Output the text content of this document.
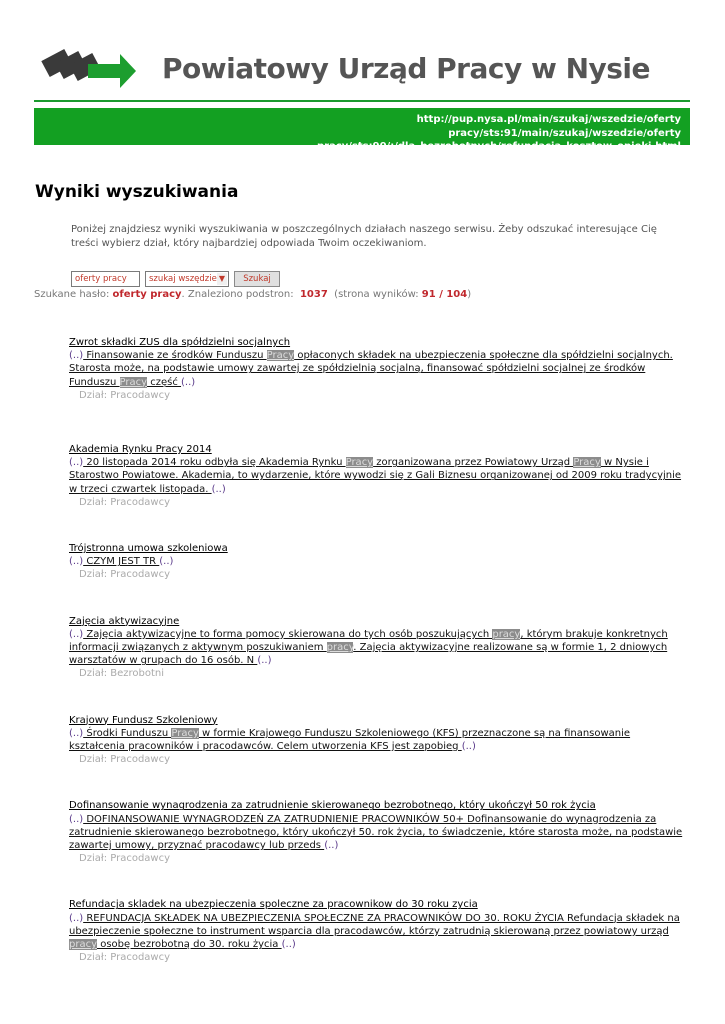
Powiatowy Urząd Pracy w Nysie
http://pup.nysa.pl/main/szukaj/wszedzie/oferty pracy/sts:91/main/szukaj/wszedzie/oferty pracy/sts:90/:/dla_bezrobotnych/refundacja_kosztow_opieki.html
Wyniki wyszukiwania

Poniżej znajdziesz wyniki wyszukiwania w poszczególnych działach naszego serwisu. Żeby odszukać interesujące Cię treści wybierz dział, który najbardziej odpowiada Twoim oczekiwaniom.

oferty pracy
szukaj wszędzie ▼	Szukaj
Szukane hasło: oferty pracy. Znaleziono podstron:  1037  (strona wyników: 91 / 104)
Zwrot składki ZUS dla spółdzielni socjalnych
(..) Finansowanie ze środków Funduszu Pracy opłaconych składek na ubezpieczenia społeczne dla spółdzielni socjalnych. Starosta może, na podstawie umowy zawartej ze spółdzielnią socjalną, finansować spółdzielni socjalnej ze środków Funduszu Pracy część (..)
Dział: Pracodawcy
Akademia Rynku Pracy 2014
(..) 20 listopada 2014 roku odbyła się Akademia Rynku Pracy zorganizowana przez Powiatowy Urząd Pracy w Nysie i Starostwo Powiatowe. Akademia, to wydarzenie, które wywodzi się z Gali Biznesu organizowanej od 2009 roku tradycyjnie w trzeci czwartek listopada. (..)
Dział: Pracodawcy
Trójstronna umowa szkoleniowa
(..) CZYM JEST TR (..)
Dział: Pracodawcy
Zajęcia aktywizacyjne
(..) Zajęcia aktywizacyjne to forma pomocy skierowana do tych osób poszukujących pracy, którym brakuje konkretnych informacji związanych z aktywnym poszukiwaniem pracy. Zajęcia aktywizacyjne realizowane są w formie 1, 2 dniowych warsztatów w grupach do 16 osób. N (..)
Dział: Bezrobotni
Krajowy Fundusz Szkoleniowy
(..) Środki Funduszu Pracy w formie Krajowego Funduszu Szkoleniowego (KFS) przeznaczone są na finansowanie kształcenia pracowników i pracodawców. Celem utworzenia KFS jest zapobieg (..)
Dział: Pracodawcy
Dofinansowanie wynagrodzenia za zatrudnienie skierowanego bezrobotnego, który ukończył 50 rok życia
(..) DOFINANSOWANIE WYNAGRODZEŃ ZA ZATRUDNIENIE PRACOWNIKÓW 50+ Dofinansowanie do wynagrodzenia za zatrudnienie skierowanego bezrobotnego, który ukończył 50. rok życia, to świadczenie, które starosta może, na podstawie zawartej umowy, przyznać pracodawcy lub przeds (..)
Dział: Pracodawcy
Refundacja skladek na ubezpieczenia spoleczne za pracownikow do 30 roku zycia
(..) REFUNDACJA SKŁADEK NA UBEZPIECZENIA SPOŁECZNE ZA PRACOWNIKÓW DO 30. ROKU ŻYCIA Refundacja składek na ubezpieczenie społeczne to instrument wsparcia dla pracodawców, którzy zatrudnią skierowaną przez powiatowy urząd pracy osobę bezrobotną do 30. roku życia (..)
Dział: Pracodawcy
